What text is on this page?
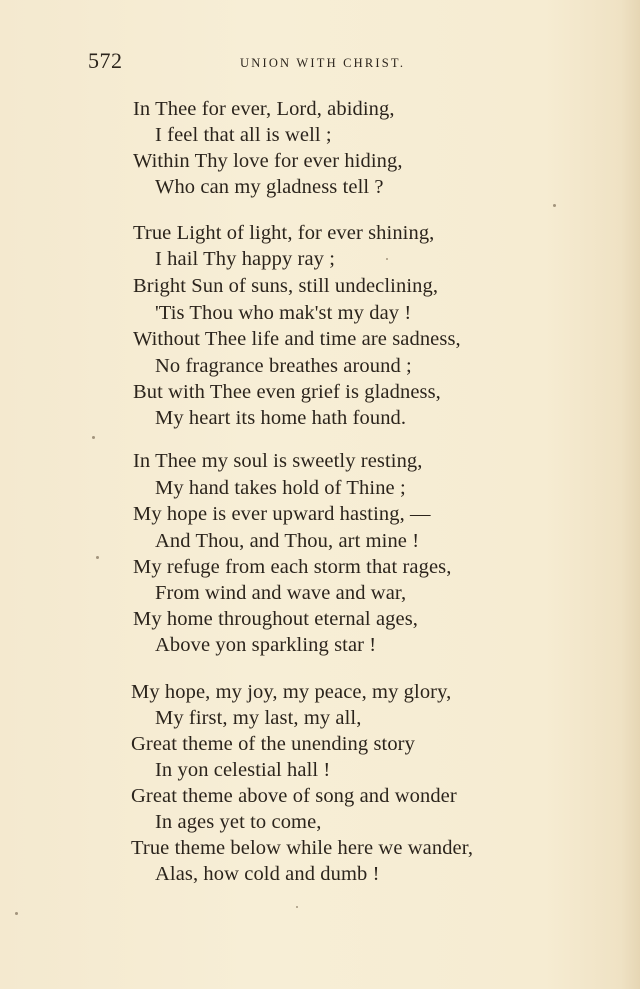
572	UNION WITH CHRIST.
In Thee for ever, Lord, abiding,
I feel that all is well ;
Within Thy love for ever hiding,
Who can my gladness tell ?
True Light of light, for ever shining,
I hail Thy happy ray ;
Bright Sun of suns, still undeclining,
'Tis Thou who mak'st my day !
Without Thee life and time are sadness,
No fragrance breathes around ;
But with Thee even grief is gladness,
My heart its home hath found.
In Thee my soul is sweetly resting,
My hand takes hold of Thine ;
My hope is ever upward hasting, —
And Thou, and Thou, art mine !
My refuge from each storm that rages,
From wind and wave and war,
My home throughout eternal ages,
Above yon sparkling star !
My hope, my joy, my peace, my glory,
My first, my last, my all,
Great theme of the unending story
In yon celestial hall !
Great theme above of song and wonder
In ages yet to come,
True theme below while here we wander,
Alas, how cold and dumb !
